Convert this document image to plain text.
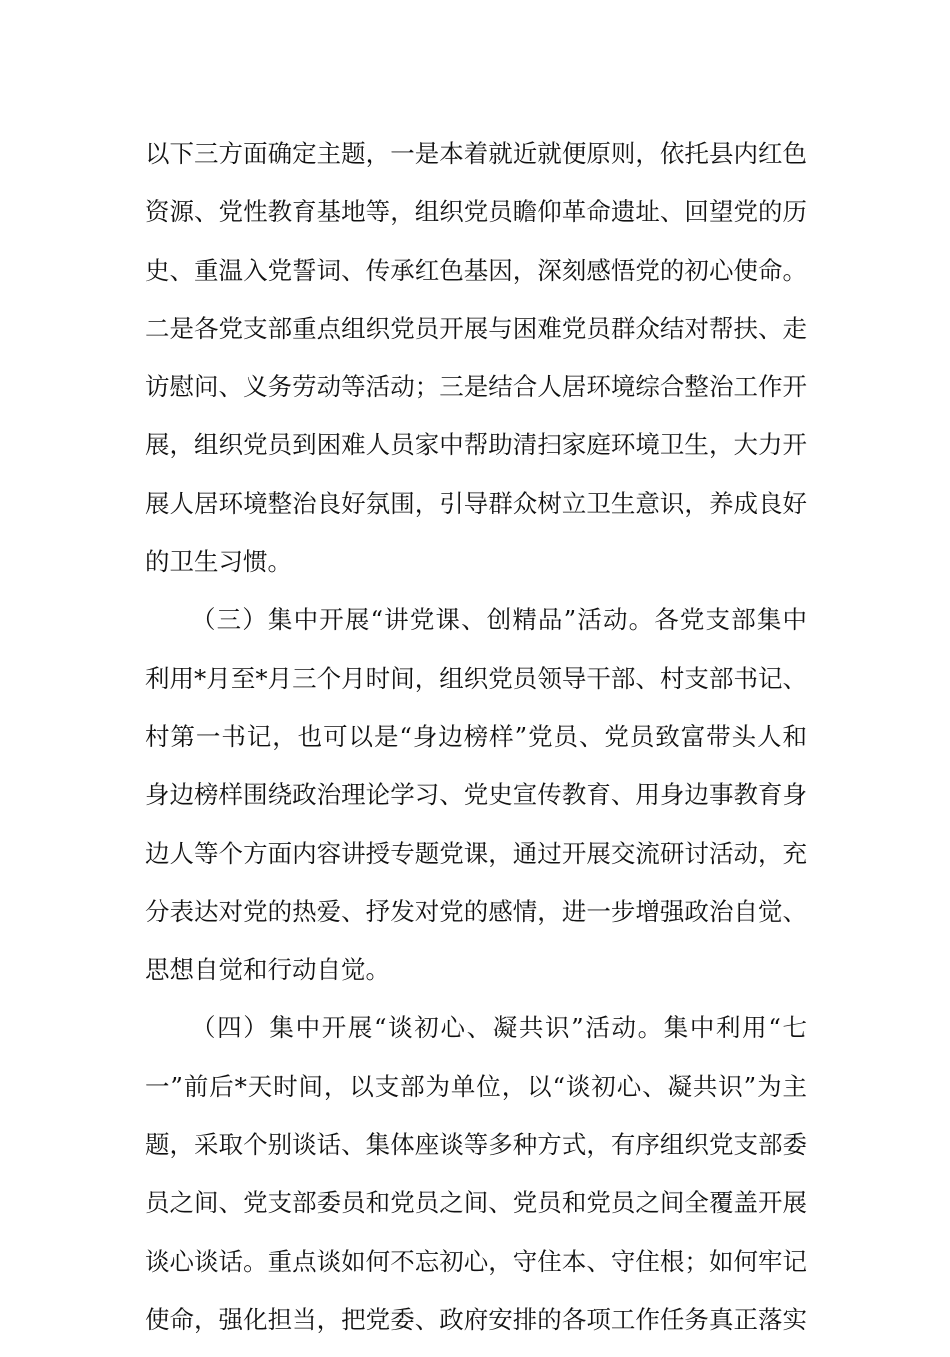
以下三方面确定主题，一是本着就近就便原则，依托县内红色
资源、党性教育基地等，组织党员瞻仰革命遗址、回望党的历
史、重温入党誓词、传承红色基因，深刻感悟党的初心使命。
二是各党支部重点组织党员开展与困难党员群众结对帮扶、走
访慰问、义务劳动等活动；三是结合人居环境综合整治工作开
展，组织党员到困难人员家中帮助清扫家庭环境卫生，大力开
展人居环境整治良好氛围，引导群众树立卫生意识，养成良好
的卫生习惯。
（三）集中开展“讲党课、创精品”活动。各党支部集中
利用*月至*月三个月时间，组织党员领导干部、村支部书记、
村第一书记，也可以是“身边榜样”党员、党员致富带头人和
身边榜样围绕政治理论学习、党史宣传教育、用身边事教育身
边人等个方面内容讲授专题党课，通过开展交流研讨活动，充
分表达对党的热爱、抒发对党的感情，进一步增强政治自觉、
思想自觉和行动自觉。
（四）集中开展“谈初心、凝共识”活动。集中利用“七
一”前后*天时间，以支部为单位，以“谈初心、凝共识”为主
题，采取个别谈话、集体座谈等多种方式，有序组织党支部委
员之间、党支部委员和党员之间、党员和党员之间全覆盖开展
谈心谈话。重点谈如何不忘初心，守住本、守住根；如何牢记
使命，强化担当，把党委、政府安排的各项工作任务真正落实
